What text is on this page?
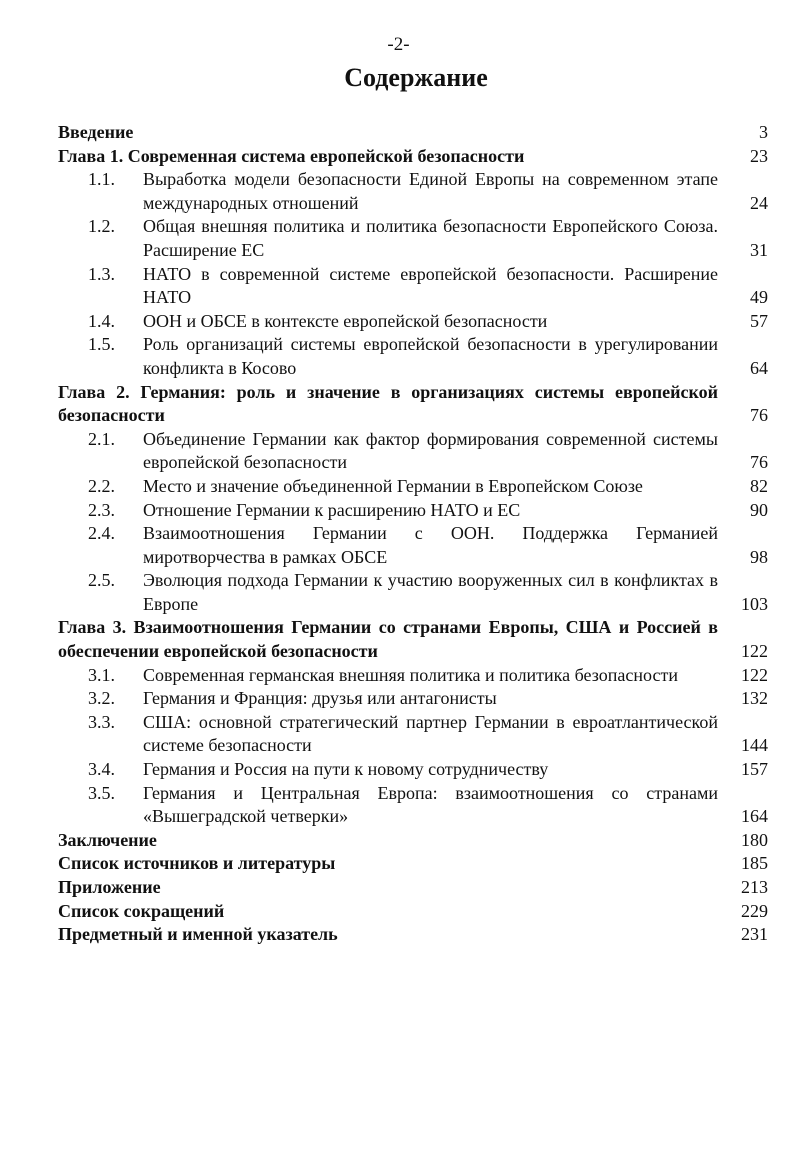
-2-
Содержание
Введение	3
Глава 1. Современная система европейской безопасности	23
1.1.	Выработка модели безопасности Единой Европы на современном этапе международных отношений	24
1.2.	Общая внешняя политика и политика безопасности Европейского Союза. Расширение ЕС	31
1.3.	НАТО в современной системе европейской безопасности. Расширение НАТО	49
1.4.	ООН и ОБСЕ в контексте европейской безопасности	57
1.5.	Роль организаций системы европейской безопасности в урегулировании конфликта в Косово	64
Глава 2. Германия: роль и значение в организациях системы европейской безопасности	76
2.1.	Объединение Германии как фактор формирования современной системы европейской безопасности	76
2.2.	Место и значение объединенной Германии в Европейском Союзе	82
2.3.	Отношение Германии к расширению НАТО и ЕС	90
2.4.	Взаимоотношения Германии с ООН. Поддержка Германией миротворчества в рамках ОБСЕ	98
2.5.	Эволюция подхода Германии к участию вооруженных сил в конфликтах в Европе	103
Глава 3. Взаимоотношения Германии со странами Европы, США и Россией в обеспечении европейской безопасности	122
3.1.	Современная германская внешняя политика и политика безопасности	122
3.2.	Германия и Франция: друзья или антагонисты	132
3.3.	США: основной стратегический партнер Германии в евроатлантической системе безопасности	144
3.4.	Германия и Россия на пути к новому сотрудничеству	157
3.5.	Германия и Центральная Европа: взаимоотношения со странами «Вышеградской четверки»	164
Заключение	180
Список источников и литературы	185
Приложение	213
Список сокращений	229
Предметный и именной указатель	231
